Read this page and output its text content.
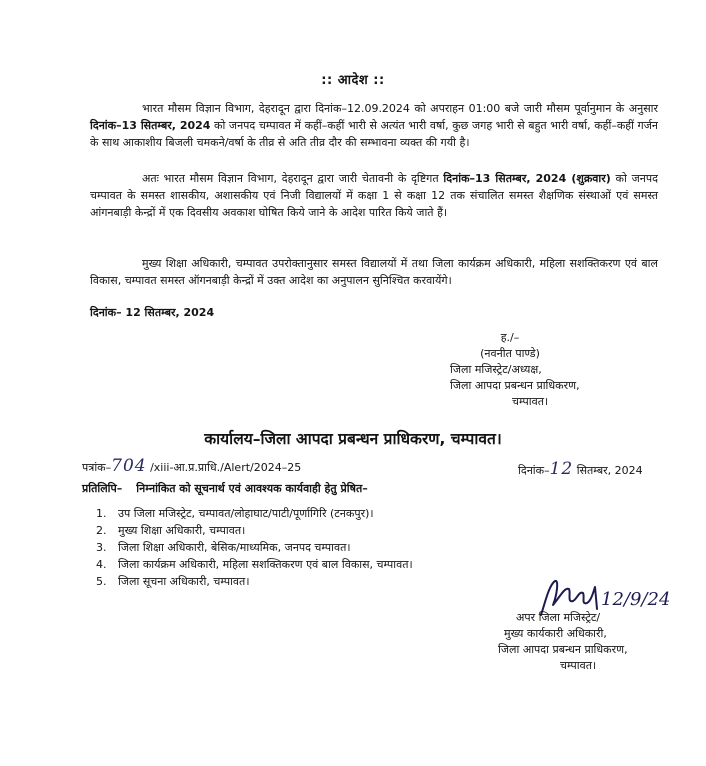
:: आदेश ::

भारत मौसम विज्ञान विभाग, देहरादून द्वारा दिनांक–12.09.2024 को अपराहन 01:00 बजे जारी मौसम पूर्वानुमान के अनुसार दिनांक–13 सितम्बर, 2024 को जनपद चम्पावत में कहीं–कहीं भारी से अत्यंत भारी वर्षा, कुछ जगह भारी से बहुत भारी वर्षा, कहीं–कहीं गर्जन के साथ आकाशीय बिजली चमकने/वर्षा के तीव्र से अति तीव्र दौर की सम्भावना व्यक्त की गयी है।

अतः भारत मौसम विज्ञान विभाग, देहरादून द्वारा जारी चेतावनी के दृष्टिगत दिनांक–13 सितम्बर, 2024 (शुक्रवार) को जनपद चम्पावत के समस्त शासकीय, अशासकीय एवं निजी विद्यालयों में कक्षा 1 से कक्षा 12 तक संचालित समस्त शैक्षणिक संस्थाओं एवं समस्त आंगनबाड़ी केन्द्रों में एक दिवसीय अवकाश घोषित किये जाने के आदेश पारित किये जाते हैं।

मुख्य शिक्षा अधिकारी, चम्पावत उपरोक्तानुसार समस्त विद्यालयों में तथा जिला कार्यक्रम अधिकारी, महिला सशक्तिकरण एवं बाल विकास, चम्पावत समस्त ऑगनबाड़ी केन्द्रों में उक्त आदेश का अनुपालन सुनिश्चित करवायेंगे।

दिनांक– 12 सितम्बर, 2024
ह./–
(नवनीत पाण्डे)
जिला मजिस्ट्रेट/अध्यक्ष,
जिला आपदा प्रबन्धन प्राधिकरण,
चम्पावत।
कार्यालय–जिला आपदा प्रबन्धन प्राधिकरण, चम्पावत।
पत्रांक–704 /xiii-आ.प्र.प्राधि./Alert/2024–25	दिनांक–12 सितम्बर, 2024
प्रतिलिपि– निम्नांकित को सूचनार्थ एवं आवश्यक कार्यवाही हेतु प्रेषित–
1. उप जिला मजिस्ट्रेट, चम्पावत/लोहाघाट/पाटी/पूर्णागिरि (टनकपुर)।
2. मुख्य शिक्षा अधिकारी, चम्पावत।
3. जिला शिक्षा अधिकारी, बेसिक/माध्यमिक, जनपद चम्पावत।
4. जिला कार्यक्रम अधिकारी, महिला सशक्तिकरण एवं बाल विकास, चम्पावत।
5. जिला सूचना अधिकारी, चम्पावत।
12/9/24
अपर जिला मजिस्ट्रेट/
मुख्य कार्यकारी अधिकारी,
जिला आपदा प्रबन्धन प्राधिकरण,
चम्पावत।
